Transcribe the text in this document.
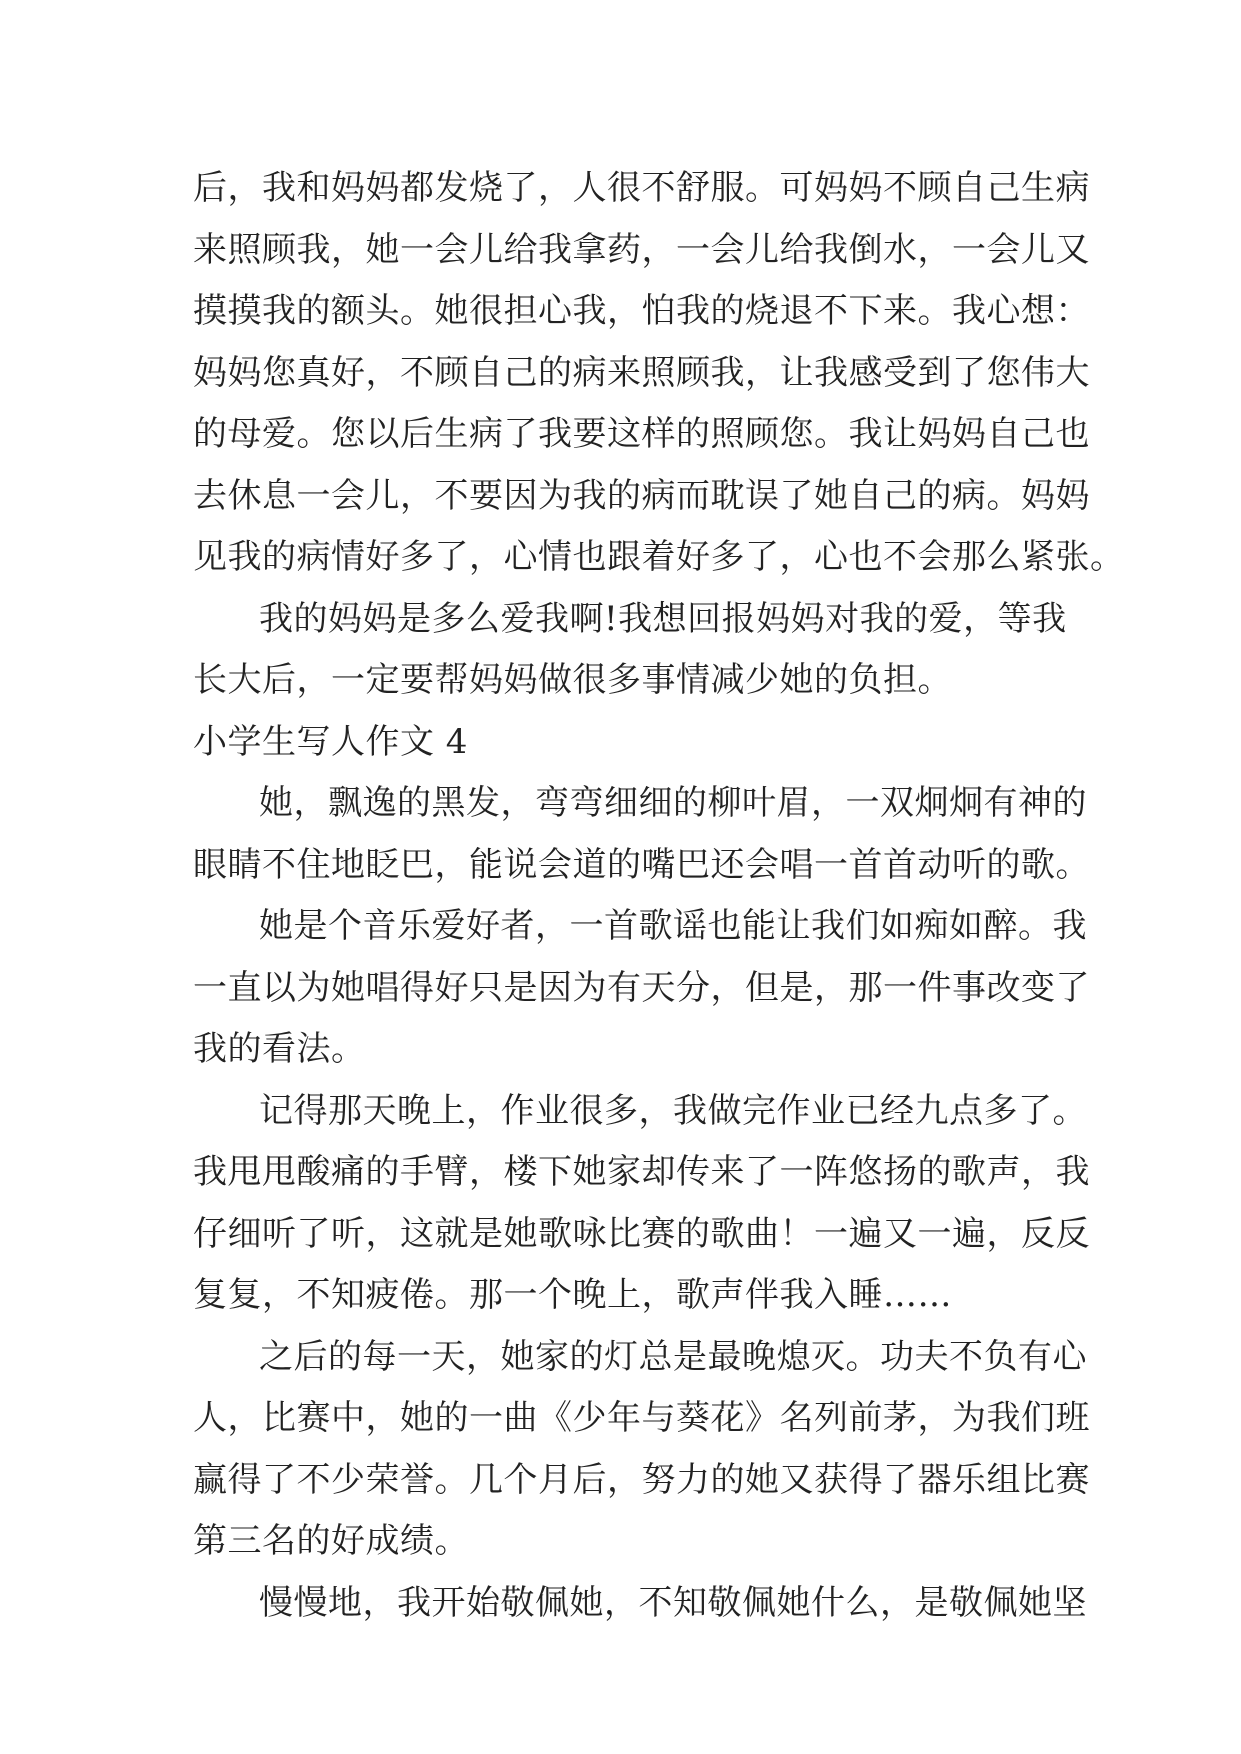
后，我和妈妈都发烧了，人很不舒服。可妈妈不顾自己生病
来照顾我，她一会儿给我拿药，一会儿给我倒水，一会儿又
摸摸我的额头。她很担心我，怕我的烧退不下来。我心想：
妈妈您真好，不顾自己的病来照顾我，让我感受到了您伟大
的母爱。您以后生病了我要这样的照顾您。我让妈妈自己也
去休息一会儿，不要因为我的病而耽误了她自己的病。妈妈
见我的病情好多了，心情也跟着好多了，心也不会那么紧张。
我的妈妈是多么爱我啊!我想回报妈妈对我的爱，等我
长大后，一定要帮妈妈做很多事情减少她的负担。
小学生写人作文 4
她，飘逸的黑发，弯弯细细的柳叶眉，一双炯炯有神的
眼睛不住地眨巴，能说会道的嘴巴还会唱一首首动听的歌。
她是个音乐爱好者，一首歌谣也能让我们如痴如醉。我
一直以为她唱得好只是因为有天分，但是，那一件事改变了
我的看法。
记得那天晚上，作业很多，我做完作业已经九点多了。
我甩甩酸痛的手臂，楼下她家却传来了一阵悠扬的歌声，我
仔细听了听，这就是她歌咏比赛的歌曲！一遍又一遍，反反
复复，不知疲倦。那一个晚上，歌声伴我入睡……
之后的每一天，她家的灯总是最晚熄灭。功夫不负有心
人，比赛中，她的一曲《少年与葵花》名列前茅，为我们班
赢得了不少荣誉。几个月后，努力的她又获得了器乐组比赛
第三名的好成绩。
慢慢地，我开始敬佩她，不知敬佩她什么，是敬佩她坚
